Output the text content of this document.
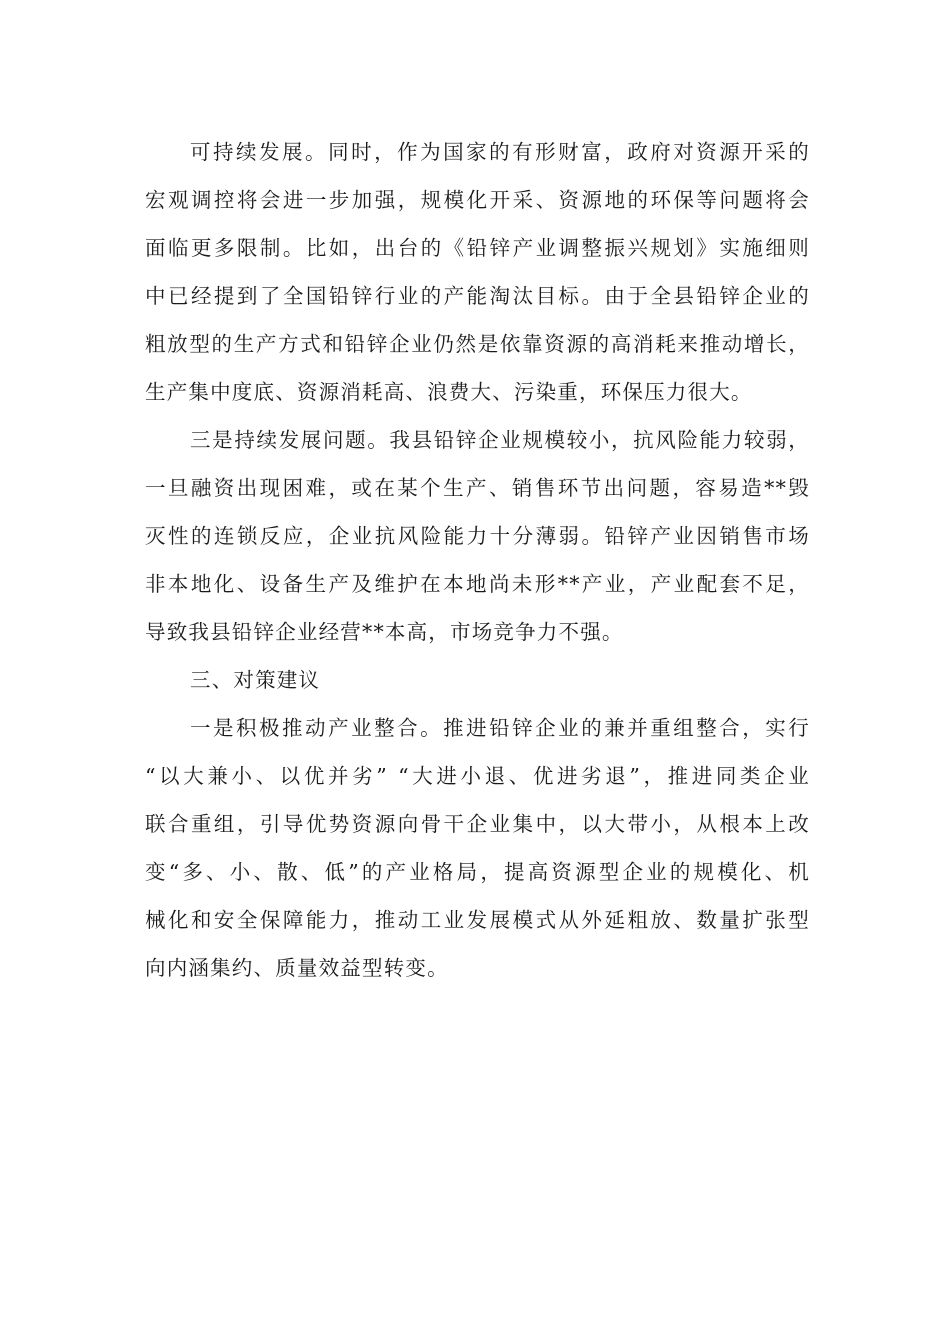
可持续发展。同时，作为国家的有形财富，政府对资源开采的
宏观调控将会进一步加强，规模化开采、资源地的环保等问题将会
面临更多限制。比如，出台的《铅锌产业调整振兴规划》实施细则
中已经提到了全国铅锌行业的产能淘汰目标。由于全县铅锌企业的
粗放型的生产方式和铅锌企业仍然是依靠资源的高消耗来推动增长，
生产集中度底、资源消耗高、浪费大、污染重，环保压力很大。
三是持续发展问题。我县铅锌企业规模较小，抗风险能力较弱，
一旦融资出现困难，或在某个生产、销售环节出问题，容易造**毁
灭性的连锁反应，企业抗风险能力十分薄弱。铅锌产业因销售市场
非本地化、设备生产及维护在本地尚未形**产业，产业配套不足，
导致我县铅锌企业经营**本高，市场竞争力不强。
三、对策建议
一是积极推动产业整合。推进铅锌企业的兼并重组整合，实行
“以大兼小、以优并劣” “大进小退、优进劣退”，推进同类企业
联合重组，引导优势资源向骨干企业集中，以大带小，从根本上改
变“多、小、散、低”的产业格局，提高资源型企业的规模化、机
械化和安全保障能力，推动工业发展模式从外延粗放、数量扩张型
向内涵集约、质量效益型转变。
